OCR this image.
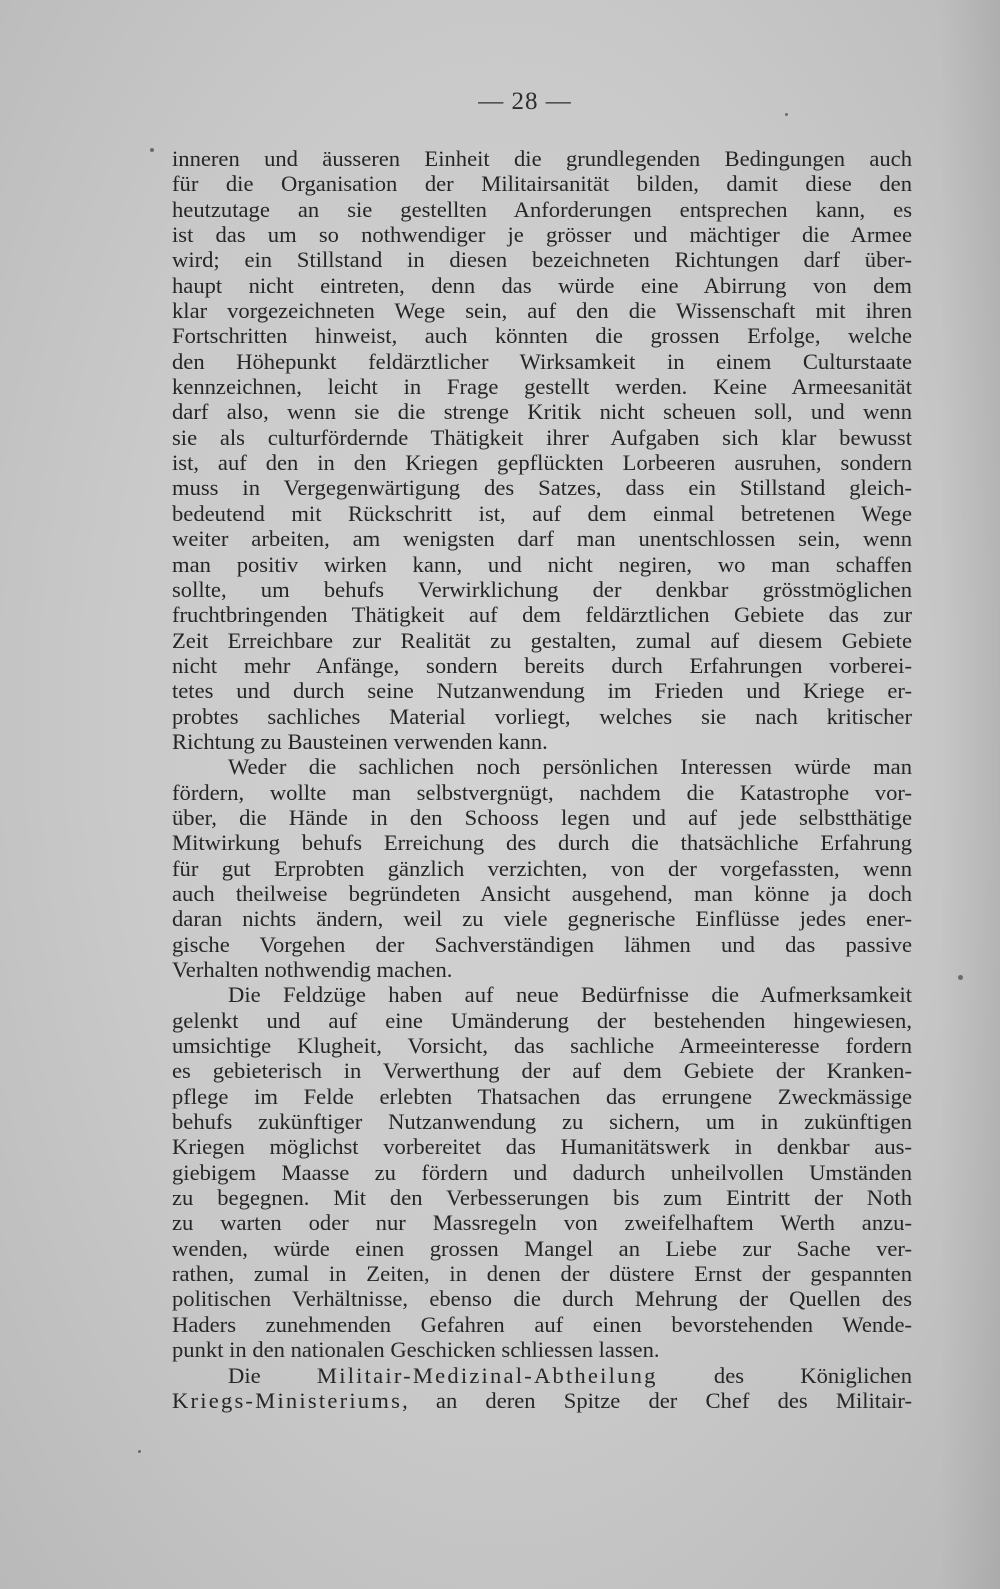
— 28 —
inneren und äusseren Einheit die grundlegenden Bedingungen auch
für die Organisation der Militairsanität bilden, damit diese den
heutzutage an sie gestellten Anforderungen entsprechen kann, es
ist das um so nothwendiger je grösser und mächtiger die Armee
wird; ein Stillstand in diesen bezeichneten Richtungen darf über-
haupt nicht eintreten, denn das würde eine Abirrung von dem
klar vorgezeichneten Wege sein, auf den die Wissenschaft mit ihren
Fortschritten hinweist, auch könnten die grossen Erfolge, welche
den Höhepunkt feldärztlicher Wirksamkeit in einem Culturstaate
kennzeichnen, leicht in Frage gestellt werden. Keine Armeesanität
darf also, wenn sie die strenge Kritik nicht scheuen soll, und wenn
sie als culturfördernde Thätigkeit ihrer Aufgaben sich klar bewusst
ist, auf den in den Kriegen gepflückten Lorbeeren ausruhen, sondern
muss in Vergegenwärtigung des Satzes, dass ein Stillstand gleich-
bedeutend mit Rückschritt ist, auf dem einmal betretenen Wege
weiter arbeiten, am wenigsten darf man unentschlossen sein, wenn
man positiv wirken kann, und nicht negiren, wo man schaffen
sollte, um behufs Verwirklichung der denkbar grösstmöglichen
fruchtbringenden Thätigkeit auf dem feldärztlichen Gebiete das zur
Zeit Erreichbare zur Realität zu gestalten, zumal auf diesem Gebiete
nicht mehr Anfänge, sondern bereits durch Erfahrungen vorberei-
tetes und durch seine Nutzanwendung im Frieden und Kriege er-
probtes sachliches Material vorliegt, welches sie nach kritischer
Richtung zu Bausteinen verwenden kann.
Weder die sachlichen noch persönlichen Interessen würde man
fördern, wollte man selbstvergnügt, nachdem die Katastrophe vor-
über, die Hände in den Schooss legen und auf jede selbstthätige
Mitwirkung behufs Erreichung des durch die thatsächliche Erfahrung
für gut Erprobten gänzlich verzichten, von der vorgefassten, wenn
auch theilweise begründeten Ansicht ausgehend, man könne ja doch
daran nichts ändern, weil zu viele gegnerische Einflüsse jedes ener-
gische Vorgehen der Sachverständigen lähmen und das passive
Verhalten nothwendig machen.
Die Feldzüge haben auf neue Bedürfnisse die Aufmerksamkeit
gelenkt und auf eine Umänderung der bestehenden hingewiesen,
umsichtige Klugheit, Vorsicht, das sachliche Armeeinteresse fordern
es gebieterisch in Verwerthung der auf dem Gebiete der Kranken-
pflege im Felde erlebten Thatsachen das errungene Zweckmässige
behufs zukünftiger Nutzanwendung zu sichern, um in zukünftigen
Kriegen möglichst vorbereitet das Humanitätswerk in denkbar aus-
giebigem Maasse zu fördern und dadurch unheilvollen Umständen
zu begegnen. Mit den Verbesserungen bis zum Eintritt der Noth
zu warten oder nur Massregeln von zweifelhaftem Werth anzu-
wenden, würde einen grossen Mangel an Liebe zur Sache ver-
rathen, zumal in Zeiten, in denen der düstere Ernst der gespannten
politischen Verhältnisse, ebenso die durch Mehrung der Quellen des
Haders zunehmenden Gefahren auf einen bevorstehenden Wende-
punkt in den nationalen Geschicken schliessen lassen.
Die Militair-Medizinal-Abtheilung des Königlichen
Kriegs-Ministeriums, an deren Spitze der Chef des Militair-
